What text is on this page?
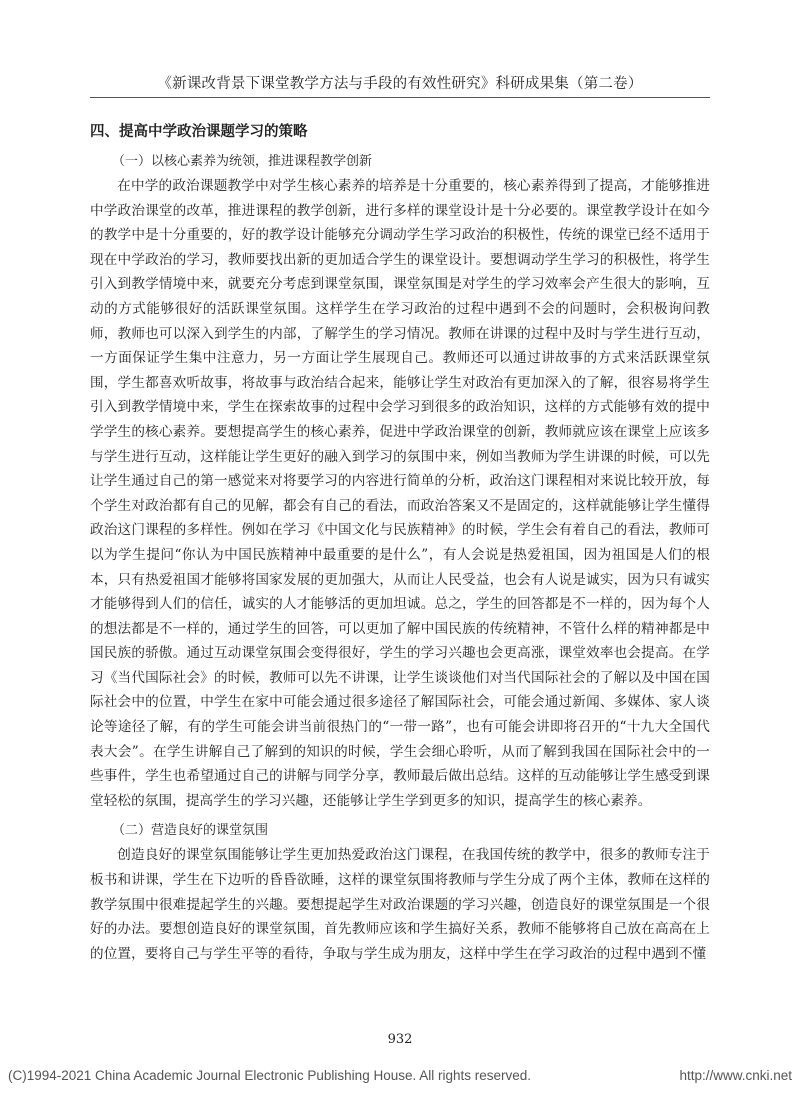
《新课改背景下课堂教学方法与手段的有效性研究》科研成果集（第二卷）

四、提高中学政治课题学习的策略

（一）以核心素养为统领，推进课程教学创新

在中学的政治课题教学中对学生核心素养的培养是十分重要的，核心素养得到了提高，才能够推进中学政治课堂的改革，推进课程的教学创新，进行多样的课堂设计是十分必要的。课堂教学设计在如今的教学中是十分重要的，好的教学设计能够充分调动学生学习政治的积极性，传统的课堂已经不适用于现在中学政治的学习，教师要找出新的更加适合学生的课堂设计。要想调动学生学习的积极性，将学生引入到教学情境中来，就要充分考虑到课堂氛围，课堂氛围是对学生的学习效率会产生很大的影响，互动的方式能够很好的活跃课堂氛围。这样学生在学习政治的过程中遇到不会的问题时，会积极询问教师，教师也可以深入到学生的内部，了解学生的学习情况。教师在讲课的过程中及时与学生进行互动，一方面保证学生集中注意力，另一方面让学生展现自己。教师还可以通过讲故事的方式来活跃课堂氛围，学生都喜欢听故事，将故事与政治结合起来，能够让学生对政治有更加深入的了解，很容易将学生引入到教学情境中来，学生在探索故事的过程中会学习到很多的政治知识，这样的方式能够有效的提中学学生的核心素养。要想提高学生的核心素养，促进中学政治课堂的创新，教师就应该在课堂上应该多与学生进行互动，这样能让学生更好的融入到学习的氛围中来，例如当教师为学生讲课的时候，可以先让学生通过自己的第一感觉来对将要学习的内容进行简单的分析，政治这门课程相对来说比较开放，每个学生对政治都有自己的见解，都会有自己的看法，而政治答案又不是固定的，这样就能够让学生懂得政治这门课程的多样性。例如在学习《中国文化与民族精神》的时候，学生会有着自己的看法，教师可以为学生提问“你认为中国民族精神中最重要的是什么”，有人会说是热爱祖国，因为祖国是人们的根本，只有热爱祖国才能够将国家发展的更加强大，从而让人民受益，也会有人说是诚实，因为只有诚实才能够得到人们的信任，诚实的人才能够活的更加坦诚。总之，学生的回答都是不一样的，因为每个人的想法都是不一样的，通过学生的回答，可以更加了解中国民族的传统精神，不管什么样的精神都是中国民族的骄傲。通过互动课堂氛围会变得很好，学生的学习兴趣也会更高涨，课堂效率也会提高。在学习《当代国际社会》的时候，教师可以先不讲课，让学生谈谈他们对当代国际社会的了解以及中国在国际社会中的位置，中学生在家中可能会通过很多途径了解国际社会，可能会通过新闻、多媒体、家人谈论等途径了解，有的学生可能会讲当前很热门的“一带一路”，也有可能会讲即将召开的“十九大全国代表大会”。在学生讲解自己了解到的知识的时候，学生会细心聆听，从而了解到我国在国际社会中的一些事件，学生也希望通过自己的讲解与同学分享，教师最后做出总结。这样的互动能够让学生感受到课堂轻松的氛围，提高学生的学习兴趣，还能够让学生学到更多的知识，提高学生的核心素养。

（二）营造良好的课堂氛围

创造良好的课堂氛围能够让学生更加热爱政治这门课程，在我国传统的教学中，很多的教师专注于板书和讲课，学生在下边听的昏昏欲睡，这样的课堂氛围将教师与学生分成了两个主体，教师在这样的教学氛围中很难提起学生的兴趣。要想提起学生对政治课题的学习兴趣，创造良好的课堂氛围是一个很好的办法。要想创造良好的课堂氛围，首先教师应该和学生搞好关系，教师不能够将自己放在高高在上的位置，要将自己与学生平等的看待，争取与学生成为朋友，这样中学生在学习政治的过程中遇到不懂

932
(C)1994-2021 China Academic Journal Electronic Publishing House. All rights reserved.	http://www.cnki.net
